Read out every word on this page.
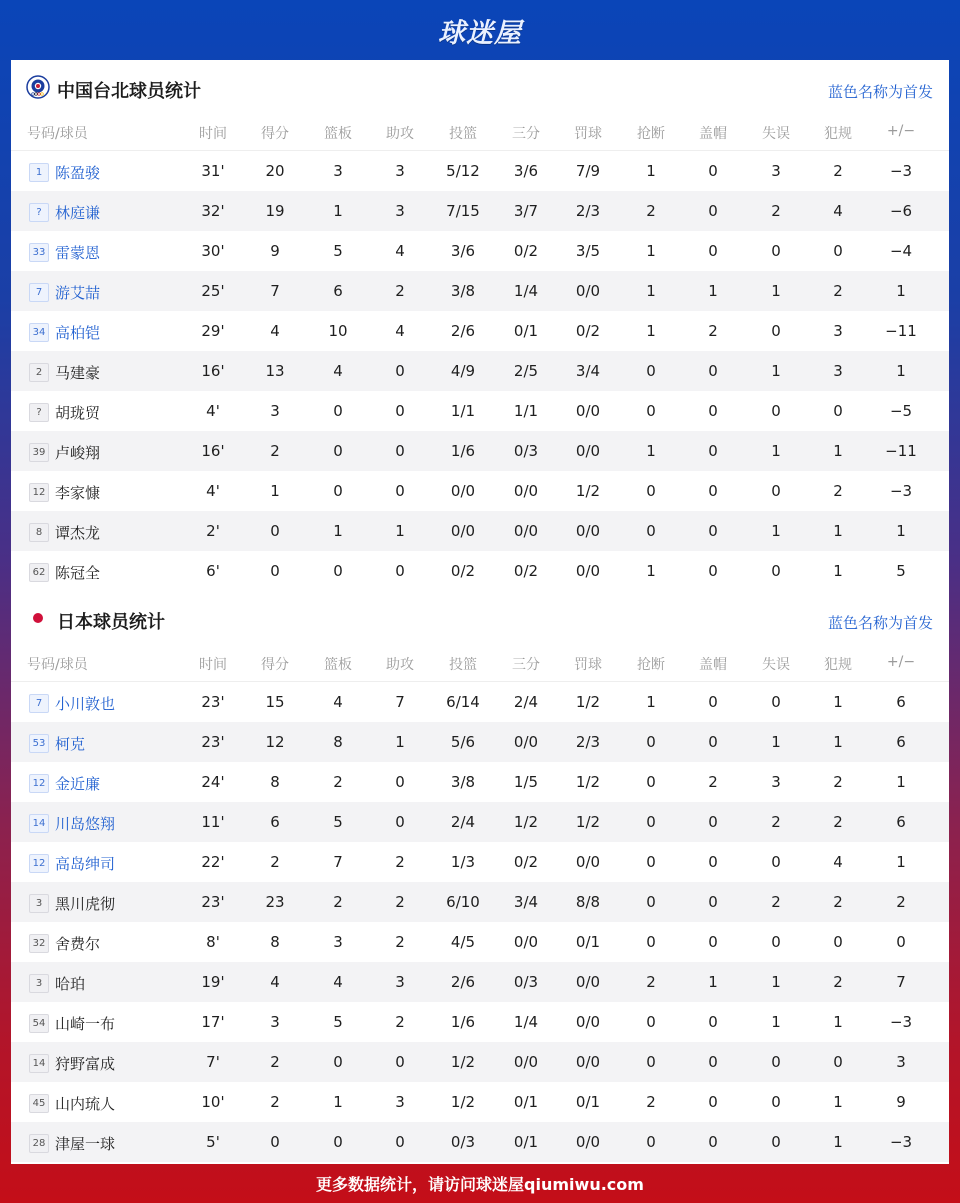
球迷屋
中国台北球员统计	蓝色名称为首发
号码/球员	时间	得分	篮板	助攻	投篮	三分	罚球	抢断	盖帽	失误	犯规	+/−
1 陈盈骏	31'	20	3	3	5/12	3/6	7/9	1	0	3	2	−3
? 林庭谦	32'	19	1	3	7/15	3/7	2/3	2	0	2	4	−6
33 雷蒙恩	30'	9	5	4	3/6	0/2	3/5	1	0	0	0	−4
7 游艾喆	25'	7	6	2	3/8	1/4	0/0	1	1	1	2	1
34 高柏铠	29'	4	10	4	2/6	0/1	0/2	1	2	0	3	−11
2 马建豪	16'	13	4	0	4/9	2/5	3/4	0	0	1	3	1
? 胡珑贸	4'	3	0	0	1/1	1/1	0/0	0	0	0	0	−5
39 卢峻翔	16'	2	0	0	1/6	0/3	0/0	1	0	1	1	−11
12 李家慷	4'	1	0	0	0/0	0/0	1/2	0	0	0	2	−3
8 谭杰龙	2'	0	1	1	0/0	0/0	0/0	0	0	1	1	1
62 陈冠全	6'	0	0	0	0/2	0/2	0/0	1	0	0	1	5
日本球员统计	蓝色名称为首发
号码/球员	时间	得分	篮板	助攻	投篮	三分	罚球	抢断	盖帽	失误	犯规	+/−
7 小川敦也	23'	15	4	7	6/14	2/4	1/2	1	0	0	1	6
53 柯克	23'	12	8	1	5/6	0/0	2/3	0	0	1	1	6
12 金近廉	24'	8	2	0	3/8	1/5	1/2	0	2	3	2	1
14 川岛悠翔	11'	6	5	0	2/4	1/2	1/2	0	0	2	2	6
12 高岛绅司	22'	2	7	2	1/3	0/2	0/0	0	0	0	4	1
3 黑川虎彻	23'	23	2	2	6/10	3/4	8/8	0	0	2	2	2
32 舍费尔	8'	8	3	2	4/5	0/0	0/1	0	0	0	0	0
3 哈珀	19'	4	4	3	2/6	0/3	0/0	2	1	1	2	7
54 山崎一布	17'	3	5	2	1/6	1/4	0/0	0	0	1	1	−3
14 狩野富成	7'	2	0	0	1/2	0/0	0/0	0	0	0	0	3
45 山内琉人	10'	2	1	3	1/2	0/1	0/1	2	0	0	1	9
28 津屋一球	5'	0	0	0	0/3	0/1	0/0	0	0	0	1	−3
更多数据统计，请访问球迷屋qiumiwu.com
